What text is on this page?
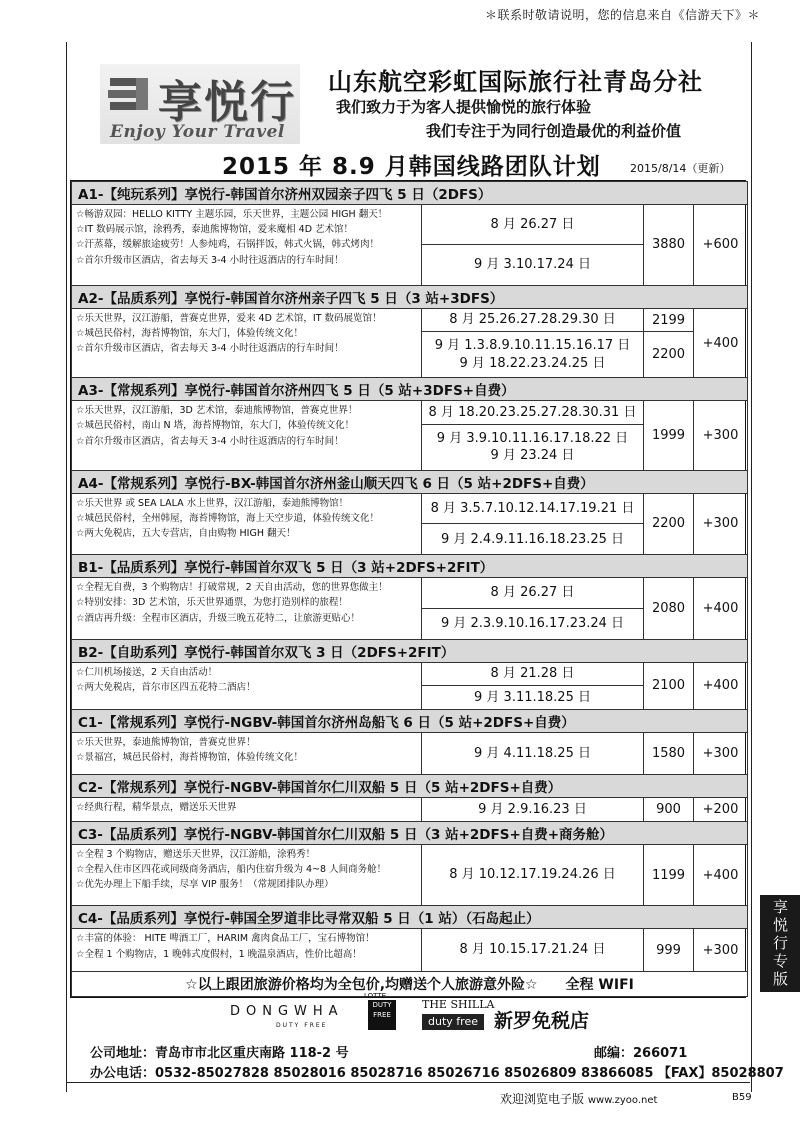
＊联系时敬请说明，您的信息来自《信游天下》＊
享悦行
Enjoy Your Travel
山东航空彩虹国际旅行社青岛分社
我们致力于为客人提供愉悦的旅行体验
我们专注于为同行创造最优的利益价值
2015 年 8.9 月韩国线路团队计划	2015/8/14（更新）
A1-【纯玩系列】享悦行-韩国首尔济州双园亲子四飞 5 日（2DFS）			

☆畅游双园：HELLO KITTY 主题乐园，乐天世界，主题公园 HIGH 翻天！
☆IT 数码展示馆，涂鸦秀，泰迪熊博物馆，爱来魔相 4D 艺术馆！
☆汗蒸幕，缓解旅途疲劳！人参炖鸡，石锅拌饭，韩式火锅，韩式烤肉！
☆首尔升级市区酒店，省去每天 3-4 小时往返酒店的行车时间！	8 月 26.27 日	3880	+600
	9 月 3.10.17.24 日		
A2-【品质系列】享悦行-韩国首尔济州亲子四飞 5 日（3 站+3DFS）			

☆乐天世界，汉江游船，普赛克世界，爱来 4D 艺术馆，IT 数码展览馆！
☆城邑民俗村，海苔博物馆，东大门，体验传统文化！
☆首尔升级市区酒店，省去每天 3-4 小时往返酒店的行车时间！	8 月 25.26.27.28.29.30 日	2199	+400
	9 月 1.3.8.9.10.11.15.16.17 日
9 月 18.22.23.24.25 日	2200	
A3-【常规系列】享悦行-韩国首尔济州四飞 5 日（5 站+3DFS+自费）			

☆乐天世界，汉江游船，3D 艺术馆，泰迪熊博物馆，普赛克世界！
☆城邑民俗村，南山 N 塔，海苔博物馆，东大门，体验传统文化！
☆首尔升级市区酒店，省去每天 3-4 小时往返酒店的行车时间！	8 月 18.20.23.25.27.28.30.31 日	1999	+300
	9 月 3.9.10.11.16.17.18.22 日
9 月 23.24 日		
A4-【常规系列】享悦行-BX-韩国首尔济州釜山顺天四飞 6 日（5 站+2DFS+自费）			

☆乐天世界 或 SEA LALA 水上世界，汉江游船，泰迪熊博物馆！
☆城邑民俗村，全州韩屋，海苔博物馆，海上天空步道，体验传统文化！
☆两大免税店，五大专营店，自由购物 HIGH 翻天！	8 月 3.5.7.10.12.14.17.19.21 日	2200	+300
	9 月 2.4.9.11.16.18.23.25 日		
B1-【品质系列】享悦行-韩国首尔双飞 5 日（3 站+2DFS+2FIT）			

☆全程无自费，3 个购物店！打破常规，2 天自由活动，您的世界您做主！
☆特别安排：3D 艺术馆，乐天世界通票，为您打造别样的旅程！
☆酒店再升级：全程市区酒店，升级三晚五花特二，让旅游更贴心！	8 月 26.27 日	2080	+400
	9 月 2.3.9.10.16.17.23.24 日		
B2-【自助系列】享悦行-韩国首尔双飞 3 日（2DFS+2FIT）			

☆仁川机场接送，2 天自由活动！
☆两大免税店，首尔市区四五花特二酒店！	8 月 21.28 日	2100	+400
	9 月 3.11.18.25 日		
C1-【常规系列】享悦行-NGBV-韩国首尔济州岛船飞 6 日（5 站+2DFS+自费）			

☆乐天世界，泰迪熊博物馆，普赛克世界！
☆景福宫，城邑民俗村，海苔博物馆，体验传统文化！	9 月 4.11.18.25 日	1580	+300
C2-【常规系列】享悦行-NGBV-韩国首尔仁川双船 5 日（5 站+2DFS+自费）			

☆经典行程，精华景点，赠送乐天世界	9 月 2.9.16.23 日	900	+200
C3-【品质系列】享悦行-NGBV-韩国首尔仁川双船 5 日（3 站+2DFS+自费+商务舱）			

☆全程 3 个购物店，赠送乐天世界，汉江游船，涂鸦秀！
☆全程入住市区四花或同级商务酒店，船内住宿升级为 4~8 人间商务舱！
☆优先办理上下船手续，尽享 VIP 服务！（常规团排队办理）	8 月 10.12.17.19.24.26 日	1199	+400
C4-【品质系列】享悦行-韩国全罗道非比寻常双船 5 日（1 站）（石岛起止）			

☆丰富的体验： HITE 啤酒工厂，HARIM 禽肉食品工厂，宝石博物馆！
☆全程 1 个购物店，1 晚韩式度假村，1 晚温泉酒店，性价比超高！	8 月 10.15.17.21.24 日	999	+300
☆以上跟团旅游价格均为全包价,均赠送个人旅游意外险☆　　全程 WIFI			
DONGWHA
DUTY FREE
LOTTE
DUTY FREE
THE SHILLA
duty free 新罗免税店
公司地址：青岛市市北区重庆南路 118-2 号	邮编：266071
办公电话：0532-85027828 85028016 85028716 85026716 85026809 83866085 【FAX】85028807
欢迎浏览电子版 www.zyoo.net	B59
享悦行专版
